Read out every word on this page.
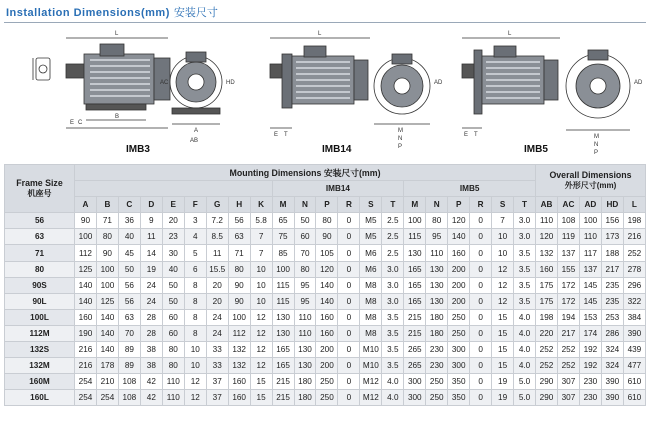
Installation Dimensions(mm) 安装尺寸
L
E C
B
A
AB
AC	HD
L
E T
M
N
P
AD
L
E T	M
N
P
AD
IMB3	IMB14	IMB5
Frame Size
机座号	Mounting Dimensions 安装尺寸(mm)																					Overall Dimensions
外形尺寸(mm)				
										IMB14						IMB5										
	A	B	C	D	E	F	G	H	K	M	N	P	R	S	T	M	N	P	R	S	T	AB	AC	AD	HD	L
56	90	71	36	9	20	3	7.2	56	5.8	65	50	80	0	M5	2.5	100	80	120	0	7	3.0	110	108	100	156	198
63	100	80	40	11	23	4	8.5	63	7	75	60	90	0	M5	2.5	115	95	140	0	10	3.0	120	119	110	173	216
71	112	90	45	14	30	5	11	71	7	85	70	105	0	M6	2.5	130	110	160	0	10	3.5	132	137	117	188	252
80	125	100	50	19	40	6	15.5	80	10	100	80	120	0	M6	3.0	165	130	200	0	12	3.5	160	155	137	217	278
90S	140	100	56	24	50	8	20	90	10	115	95	140	0	M8	3.0	165	130	200	0	12	3.5	175	172	145	235	296
90L	140	125	56	24	50	8	20	90	10	115	95	140	0	M8	3.0	165	130	200	0	12	3.5	175	172	145	235	322
100L	160	140	63	28	60	8	24	100	12	130	110	160	0	M8	3.5	215	180	250	0	15	4.0	198	194	153	253	384
112M	190	140	70	28	60	8	24	112	12	130	110	160	0	M8	3.5	215	180	250	0	15	4.0	220	217	174	286	390
132S	216	140	89	38	80	10	33	132	12	165	130	200	0	M10	3.5	265	230	300	0	15	4.0	252	252	192	324	439
132M	216	178	89	38	80	10	33	132	12	165	130	200	0	M10	3.5	265	230	300	0	15	4.0	252	252	192	324	477
160M	254	210	108	42	110	12	37	160	15	215	180	250	0	M12	4.0	300	250	350	0	19	5.0	290	307	230	390	610
160L	254	254	108	42	110	12	37	160	15	215	180	250	0	M12	4.0	300	250	350	0	19	5.0	290	307	230	390	610
